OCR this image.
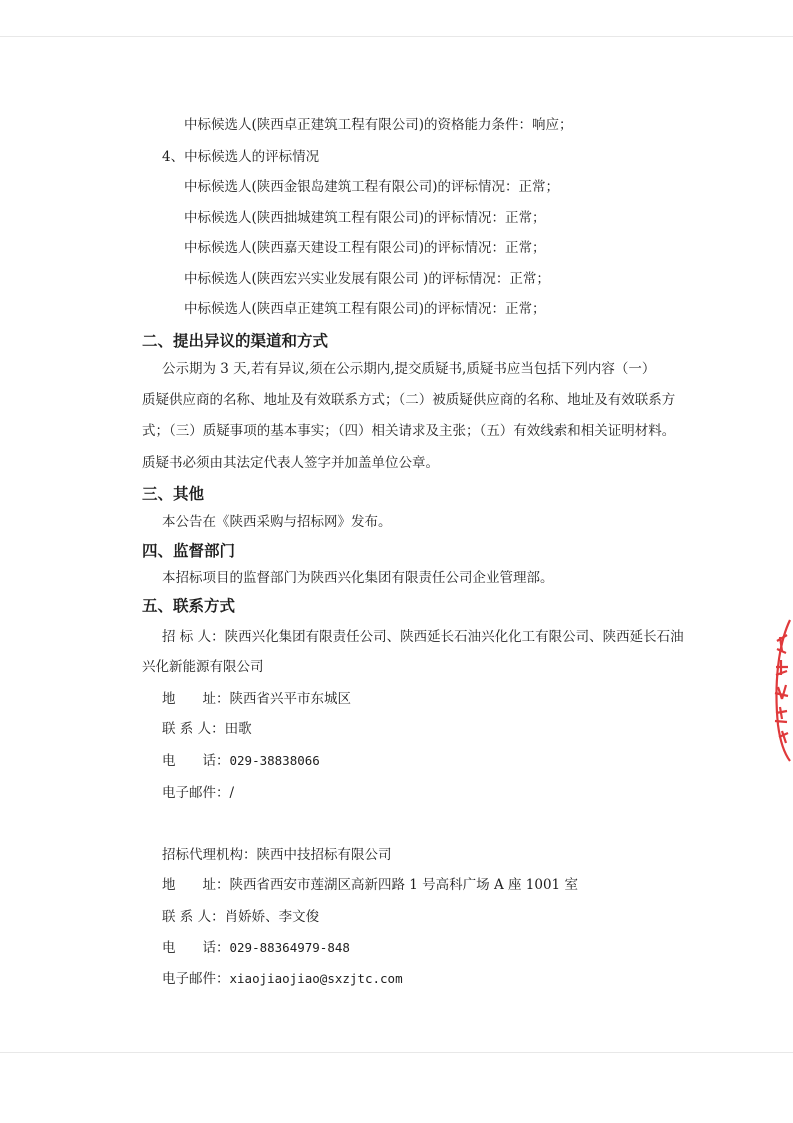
中标候选人(陕西卓正建筑工程有限公司)的资格能力条件：响应；
4、中标候选人的评标情况
中标候选人(陕西金银岛建筑工程有限公司)的评标情况：正常；
中标候选人(陕西拙城建筑工程有限公司)的评标情况：正常；
中标候选人(陕西嘉天建设工程有限公司)的评标情况：正常；
中标候选人(陕西宏兴实业发展有限公司 )的评标情况：正常；
中标候选人(陕西卓正建筑工程有限公司)的评标情况：正常；
二、提出异议的渠道和方式
公示期为 3 天,若有异议,须在公示期内,提交质疑书,质疑书应当包括下列内容（一）
质疑供应商的名称、地址及有效联系方式；（二）被质疑供应商的名称、地址及有效联系方
式；（三）质疑事项的基本事实；（四）相关请求及主张；（五）有效线索和相关证明材料。
质疑书必须由其法定代表人签字并加盖单位公章。
三、其他
本公告在《陕西采购与招标网》发布。
四、监督部门
本招标项目的监督部门为陕西兴化集团有限责任公司企业管理部。
五、联系方式
招 标 人：陕西兴化集团有限责任公司、陕西延长石油兴化化工有限公司、陕西延长石油
兴化新能源有限公司
地　　址：陕西省兴平市东城区
联 系 人：田歌
电　　话：029-38838066
电子邮件：/
招标代理机构：陕西中技招标有限公司
地　　址：陕西省西安市莲湖区高新四路 1 号高科广场 A 座 1001 室
联 系 人：肖娇娇、李文俊
电　　话：029-88364979-848
电子邮件：xiaojiaojiao@sxzjtc.com
